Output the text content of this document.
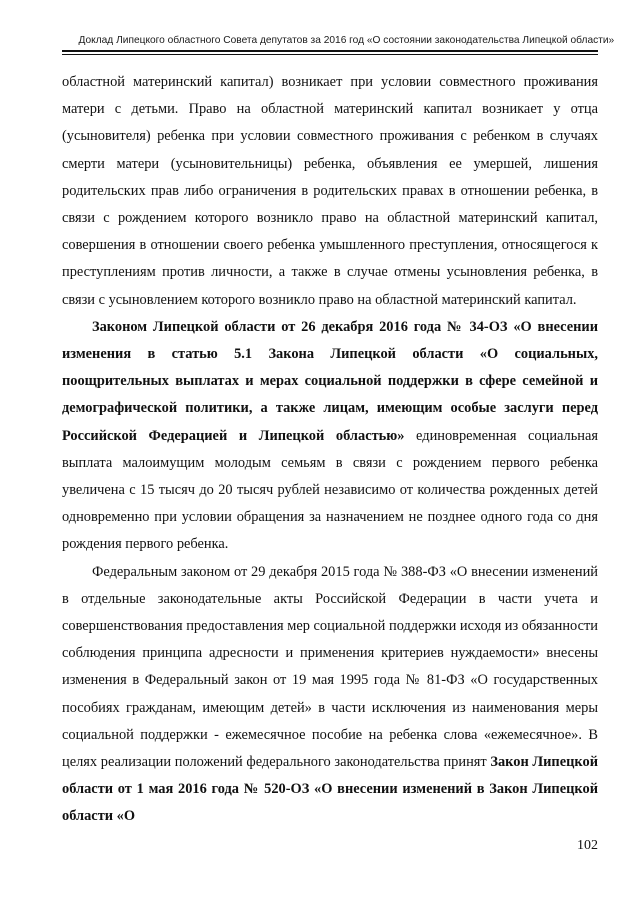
Доклад Липецкого областного Совета депутатов за 2016 год «О состоянии законодательства Липецкой области»

областной материнский капитал) возникает при условии совместного проживания матери с детьми. Право на областной материнский капитал возникает у отца (усыновителя) ребенка при условии совместного проживания с ребенком в случаях смерти матери (усыновительницы) ребенка, объявления ее умершей, лишения родительских прав либо ограничения в родительских правах в отношении ребенка, в связи с рождением которого возникло право на областной материнский капитал, совершения в отношении своего ребенка умышленного преступления, относящегося к преступлениям против личности, а также в случае отмены усыновления ребенка, в связи с усыновлением которого возникло право на областной материнский капитал.

Законом Липецкой области от 26 декабря 2016 года № 34-ОЗ «О внесении изменения в статью 5.1 Закона Липецкой области «О социальных, поощрительных выплатах и мерах социальной поддержки в сфере семейной и демографической политики, а также лицам, имеющим особые заслуги перед Российской Федерацией и Липецкой областью» единовременная социальная выплата малоимущим молодым семьям в связи с рождением первого ребенка увеличена с 15 тысяч до 20 тысяч рублей независимо от количества рожденных детей одновременно при условии обращения за назначением не позднее одного года со дня рождения первого ребенка.

Федеральным законом от 29 декабря 2015 года № 388-ФЗ «О внесении изменений в отдельные законодательные акты Российской Федерации в части учета и совершенствования предоставления мер социальной поддержки исходя из обязанности соблюдения принципа адресности и применения критериев нуждаемости» внесены изменения в Федеральный закон от 19 мая 1995 года № 81-ФЗ «О государственных пособиях гражданам, имеющим детей» в части исключения из наименования меры социальной поддержки - ежемесячное пособие на ребенка слова «ежемесячное». В целях реализации положений федерального законодательства принят Закон Липецкой области от 1 мая 2016 года № 520-ОЗ «О внесении изменений в Закон Липецкой области «О

102
